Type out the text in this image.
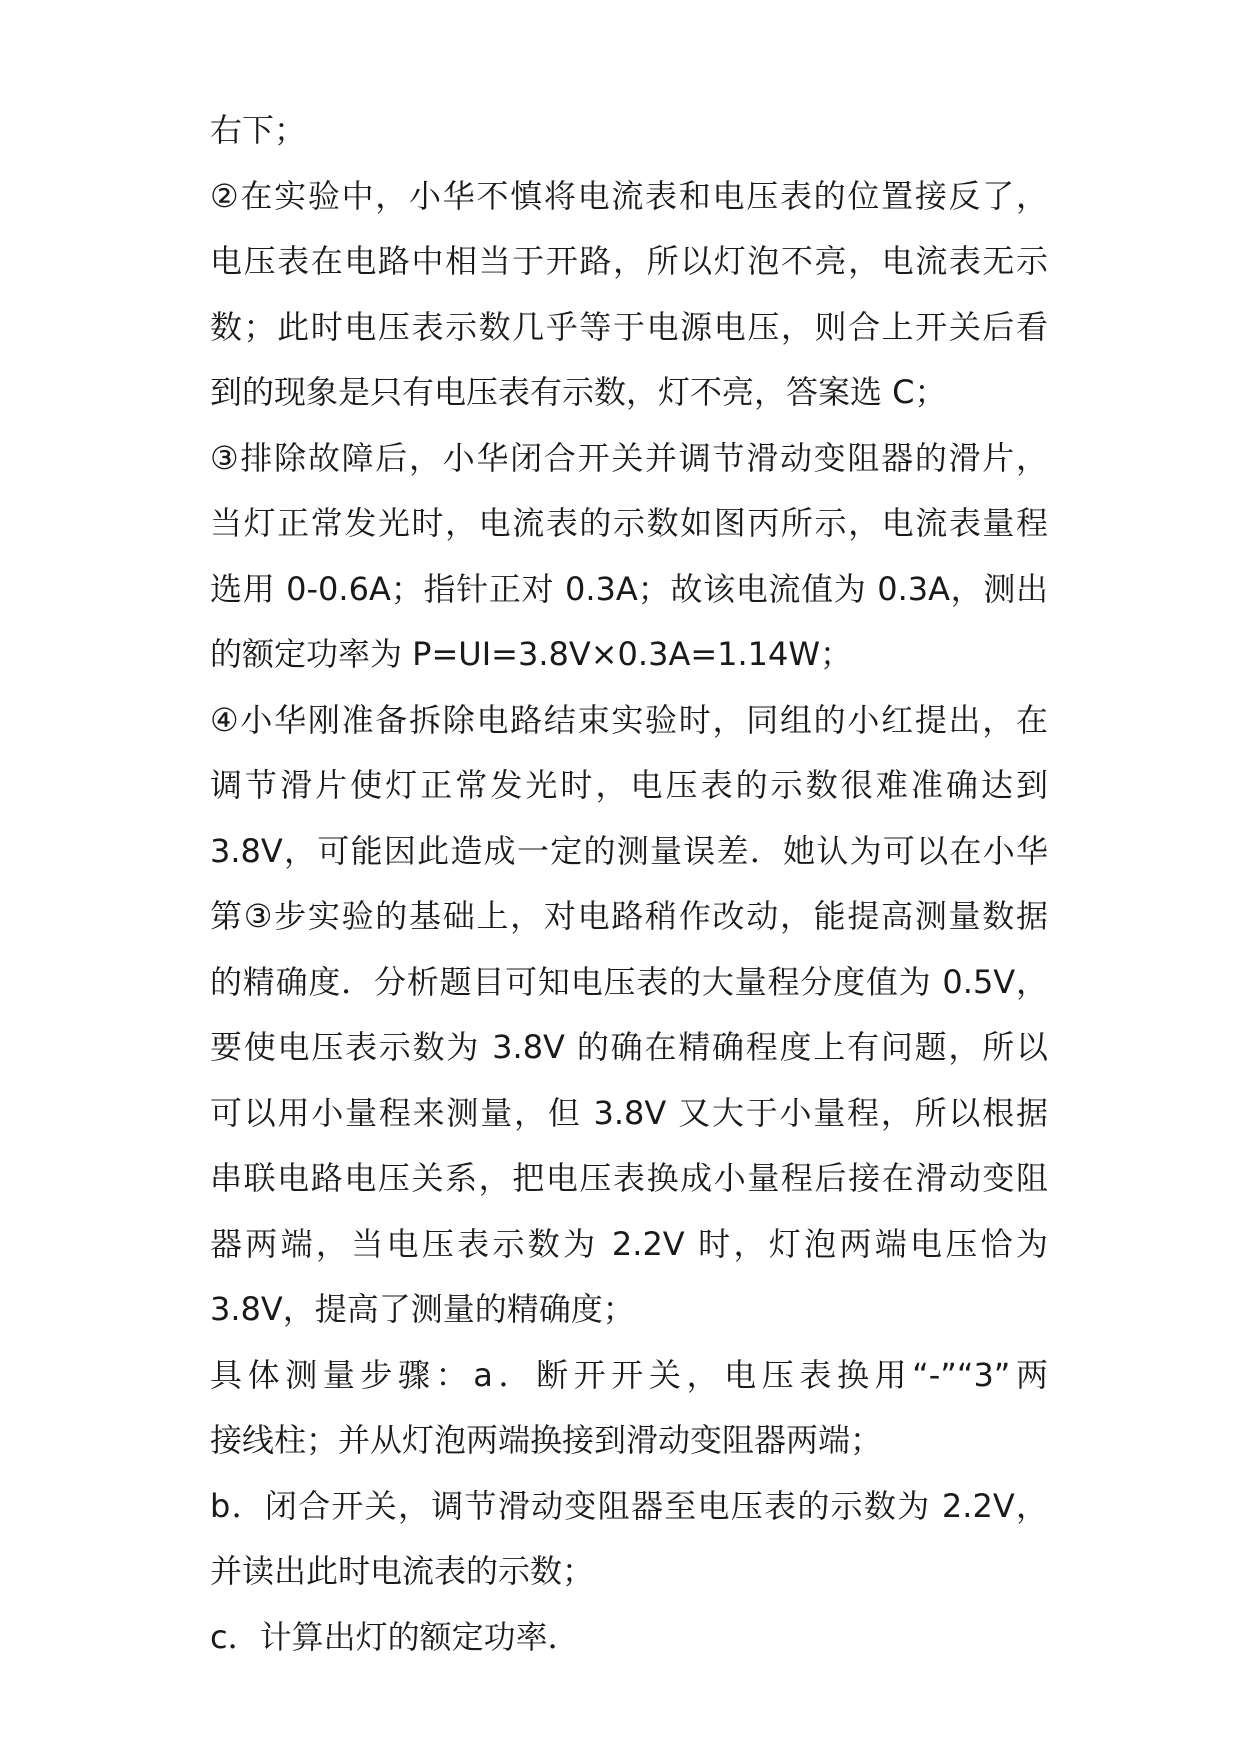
右下；
②在实验中，小华不慎将电流表和电压表的位置接反了，
电压表在电路中相当于开路，所以灯泡不亮，电流表无示
数；此时电压表示数几乎等于电源电压，则合上开关后看
到的现象是只有电压表有示数，灯不亮，答案选 C；
③排除故障后，小华闭合开关并调节滑动变阻器的滑片，
当灯正常发光时，电流表的示数如图丙所示，电流表量程
选用 0-0.6A；指针正对 0.3A；故该电流值为 0.3A，测出
的额定功率为 P=UI=3.8V×0.3A=1.14W；
④小华刚准备拆除电路结束实验时，同组的小红提出，在
调节滑片使灯正常发光时，电压表的示数很难准确达到
3.8V，可能因此造成一定的测量误差．她认为可以在小华
第③步实验的基础上，对电路稍作改动，能提高测量数据
的精确度．分析题目可知电压表的大量程分度值为 0.5V，
要使电压表示数为 3.8V 的确在精确程度上有问题，所以
可以用小量程来测量，但 3.8V 又大于小量程，所以根据
串联电路电压关系，把电压表换成小量程后接在滑动变阻
器两端，当电压表示数为 2.2V 时，灯泡两端电压恰为
3.8V，提高了测量的精确度；
具体测量步骤：a．断开开关，电压表换用“-”“3”两
接线柱；并从灯泡两端换接到滑动变阻器两端；
b．闭合开关，调节滑动变阻器至电压表的示数为 2.2V，
并读出此时电流表的示数；
c．计算出灯的额定功率．
